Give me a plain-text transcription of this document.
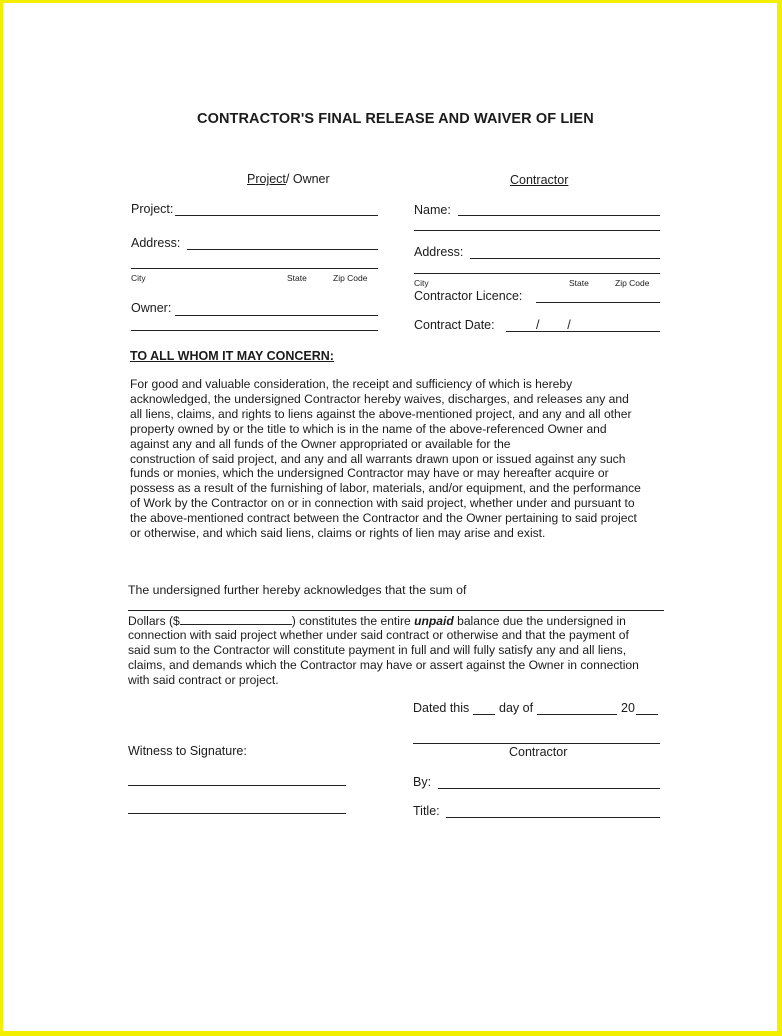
CONTRACTOR'S FINAL RELEASE AND WAIVER OF LIEN
Project/ Owner
Project:
Address:
City	State	Zip Code
Owner:
Contractor
Name:
Address:
City	State	Zip Code
Contractor Licence:
Contract Date:	/        /
TO ALL WHOM IT MAY CONCERN:
For good and valuable consideration, the receipt and sufficiency of which is hereby
acknowledged, the undersigned Contractor hereby waives, discharges, and releases any and
all liens, claims, and rights to liens against the above-mentioned project, and any and all other
property owned by or the title to which is in the name of the above-referenced Owner and
against any and all funds of the Owner appropriated or available for the
construction of said project, and any and all warrants drawn upon or issued against any such
funds or monies, which the undersigned Contractor may have or may hereafter acquire or
possess as a result of the furnishing of labor, materials, and/or equipment, and the performance
of Work by the Contractor on or in connection with said project, whether under and pursuant to
the above-mentioned contract between the Contractor and the Owner pertaining to said project
or otherwise, and which said liens, claims or rights of lien may arise and exist.
The undersigned further hereby acknowledges that the sum of
Dollars ($	) constitutes the entire unpaid balance due the undersigned in
connection with said project whether under said contract or otherwise and that the payment of
said sum to the Contractor will constitute payment in full and will fully satisfy any and all liens,
claims, and demands which the Contractor may have or assert against the Owner in connection
with said contract or project.
Dated this day of	20
Contractor
By:
Title:
Witness to Signature:
